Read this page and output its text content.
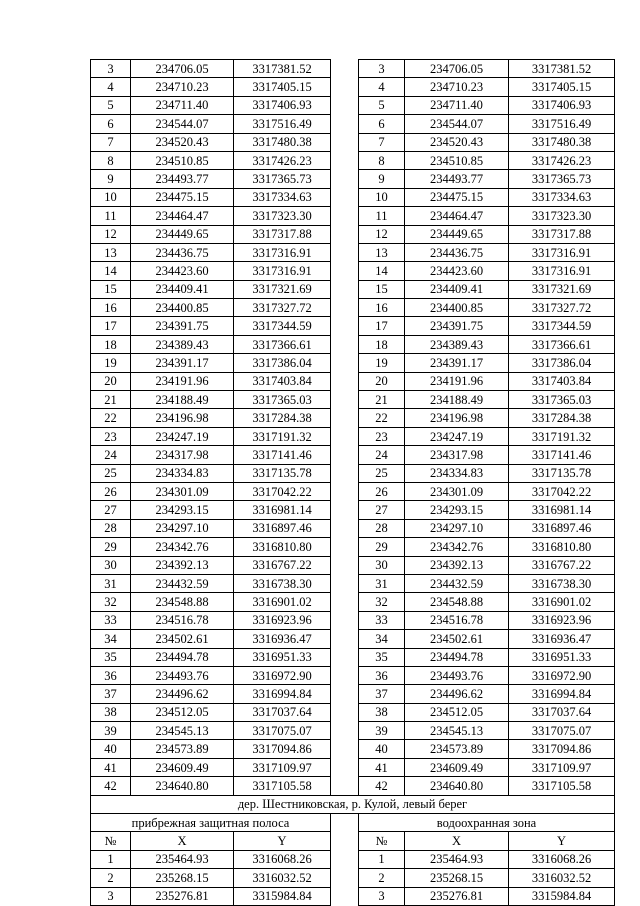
3	234706.05	3317381.52		3	234706.05	3317381.52
4	234710.23	3317405.15		4	234710.23	3317405.15
5	234711.40	3317406.93		5	234711.40	3317406.93
6	234544.07	3317516.49		6	234544.07	3317516.49
7	234520.43	3317480.38		7	234520.43	3317480.38
8	234510.85	3317426.23		8	234510.85	3317426.23
9	234493.77	3317365.73		9	234493.77	3317365.73
10	234475.15	3317334.63		10	234475.15	3317334.63
11	234464.47	3317323.30		11	234464.47	3317323.30
12	234449.65	3317317.88		12	234449.65	3317317.88
13	234436.75	3317316.91		13	234436.75	3317316.91
14	234423.60	3317316.91		14	234423.60	3317316.91
15	234409.41	3317321.69		15	234409.41	3317321.69
16	234400.85	3317327.72		16	234400.85	3317327.72
17	234391.75	3317344.59		17	234391.75	3317344.59
18	234389.43	3317366.61		18	234389.43	3317366.61
19	234391.17	3317386.04		19	234391.17	3317386.04
20	234191.96	3317403.84		20	234191.96	3317403.84
21	234188.49	3317365.03		21	234188.49	3317365.03
22	234196.98	3317284.38		22	234196.98	3317284.38
23	234247.19	3317191.32		23	234247.19	3317191.32
24	234317.98	3317141.46		24	234317.98	3317141.46
25	234334.83	3317135.78		25	234334.83	3317135.78
26	234301.09	3317042.22		26	234301.09	3317042.22
27	234293.15	3316981.14		27	234293.15	3316981.14
28	234297.10	3316897.46		28	234297.10	3316897.46
29	234342.76	3316810.80		29	234342.76	3316810.80
30	234392.13	3316767.22		30	234392.13	3316767.22
31	234432.59	3316738.30		31	234432.59	3316738.30
32	234548.88	3316901.02		32	234548.88	3316901.02
33	234516.78	3316923.96		33	234516.78	3316923.96
34	234502.61	3316936.47		34	234502.61	3316936.47
35	234494.78	3316951.33		35	234494.78	3316951.33
36	234493.76	3316972.90		36	234493.76	3316972.90
37	234496.62	3316994.84		37	234496.62	3316994.84
38	234512.05	3317037.64		38	234512.05	3317037.64
39	234545.13	3317075.07		39	234545.13	3317075.07
40	234573.89	3317094.86		40	234573.89	3317094.86
41	234609.49	3317109.97		41	234609.49	3317109.97
42	234640.80	3317105.58		42	234640.80	3317105.58
дер. Шестниковская, р. Кулой, левый берег						
прибрежная защитная полоса				водоохранная зона		
№	X	Y		№	X	Y
1	235464.93	3316068.26		1	235464.93	3316068.26
2	235268.15	3316032.52		2	235268.15	3316032.52
3	235276.81	3315984.84		3	235276.81	3315984.84
